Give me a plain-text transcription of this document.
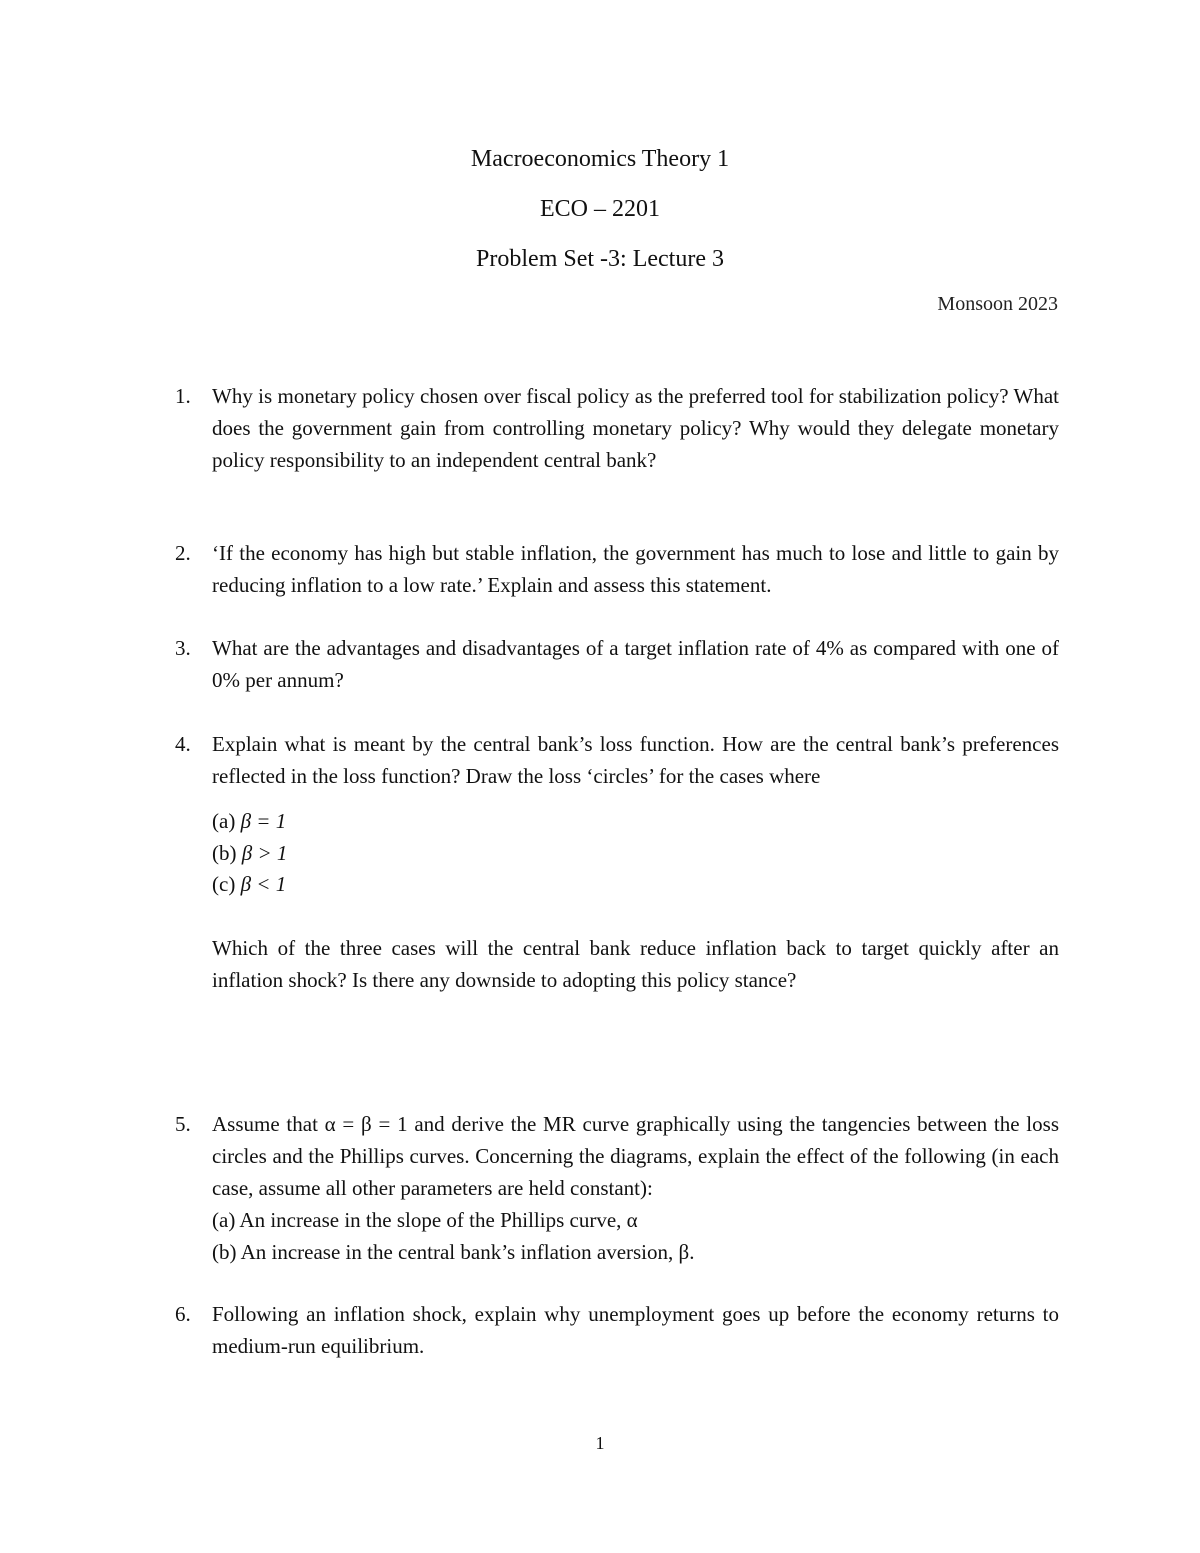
Macroeconomics Theory 1
ECO – 2201
Problem Set -3: Lecture 3
Monsoon 2023
1.	Why is monetary policy chosen over fiscal policy as the preferred tool for stabilization policy? What does the government gain from controlling monetary policy? Why would they delegate monetary policy responsibility to an independent central bank?

2.	‘If the economy has high but stable inflation, the government has much to lose and little to gain by reducing inflation to a low rate.’ Explain and assess this statement.

3.	What are the advantages and disadvantages of a target inflation rate of 4% as compared with one of 0% per annum?

4.	Explain what is meant by the central bank’s loss function. How are the central bank’s preferences reflected in the loss function? Draw the loss ‘circles’ for the cases where

(a) β = 1
(b) β > 1
(c) β < 1

Which of the three cases will the central bank reduce inflation back to target quickly after an inflation shock? Is there any downside to adopting this policy stance?

5.	Assume that α = β = 1 and derive the MR curve graphically using the tangencies between the loss circles and the Phillips curves. Concerning the diagrams, explain the effect of the following (in each case, assume all other parameters are held constant):

(a) An increase in the slope of the Phillips curve, α
(b) An increase in the central bank’s inflation aversion, β.
6.	Following an inflation shock, explain why unemployment goes up before the economy returns to medium-run equilibrium.

1
